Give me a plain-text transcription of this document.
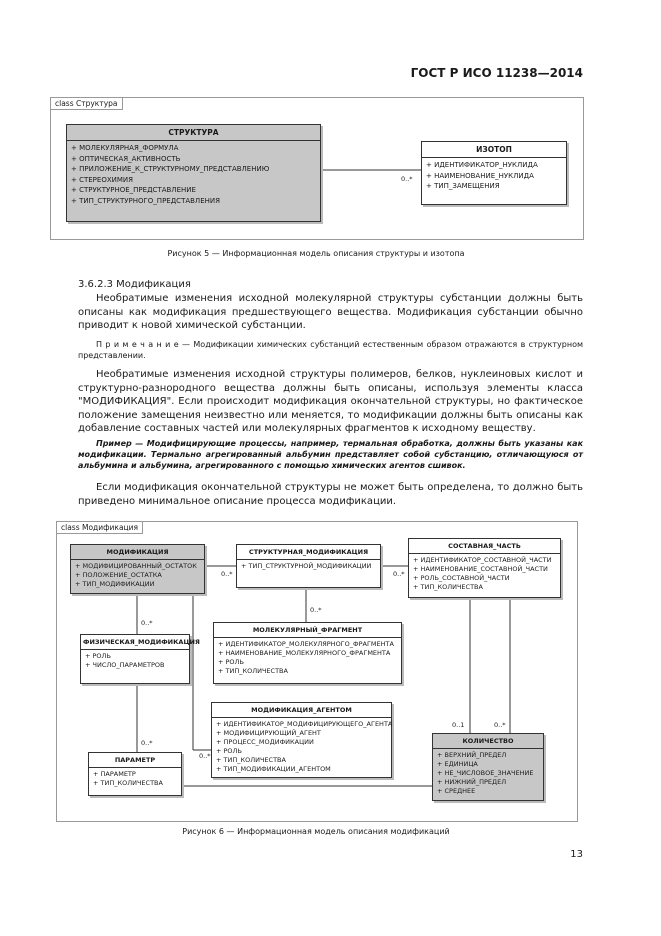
ГОСТ Р ИСО 11238—2014
class Структура
СТРУКТУРА
+ МОЛЕКУЛЯРНАЯ_ФОРМУЛА
+ ОПТИЧЕСКАЯ_АКТИВНОСТЬ
+ ПРИЛОЖЕНИЕ_К_СТРУКТУРНОМУ_ПРЕДСТАВЛЕНИЮ
+ СТЕРЕОХИМИЯ
+ СТРУКТУРНОЕ_ПРЕДСТАВЛЕНИЕ
+ ТИП_СТРУКТУРНОГО_ПРЕДСТАВЛЕНИЯ
ИЗОТОП
+ ИДЕНТИФИКАТОР_НУКЛИДА
+ НАИМЕНОВАНИЕ_НУКЛИДА
+ ТИП_ЗАМЕЩЕНИЯ
0..*
Рисунок 5 — Информационная модель описания структуры и изотопа
3.6.2.3 Модификация
Необратимые изменения исходной молекулярной структуры субстанции должны быть описаны как модификация предшествующего вещества. Модификация субстанции обычно приводит к новой химической субстанции.
П р и м е ч а н и е — Модификации химических субстанций естественным образом отражаются в структурном представлении.
Необратимые изменения исходной структуры полимеров, белков, нуклеиновых кислот и структурно-разнородного вещества должны быть описаны, используя элементы класса "МОДИФИКАЦИЯ". Если происходит модификация окончательной структуры, но фактическое положение замещения неизвестно или меняется, то модификации должны быть описаны как добавление составных частей или молекулярных фрагментов к исходному веществу.
Пример — Модифицирующие процессы, например, термальная обработка, должны быть указаны как модификации. Термально агрегированный альбумин представляет собой субстанцию, отличающуюся от альбумина и альбумина, агрегированного с помощью химических агентов сшивок.
Если модификация окончательной структуры не может быть определена, то должно быть приведено минимальное описание процесса модификации.
class Модификация
МОДИФИКАЦИЯ
+ МОДИФИЦИРОВАННЫЙ_ОСТАТОК
+ ПОЛОЖЕНИЕ_ОСТАТКА
+ ТИП_МОДИФИКАЦИИ
СТРУКТУРНАЯ_МОДИФИКАЦИЯ
+ ТИП_СТРУКТУРНОЙ_МОДИФИКАЦИИ
СОСТАВНАЯ_ЧАСТЬ
+ ИДЕНТИФИКАТОР_СОСТАВНОЙ_ЧАСТИ
+ НАИМЕНОВАНИЕ_СОСТАВНОЙ_ЧАСТИ
+ РОЛЬ_СОСТАВНОЙ_ЧАСТИ
+ ТИП_КОЛИЧЕСТВА
ФИЗИЧЕСКАЯ_МОДИФИКАЦИЯ
+ РОЛЬ
+ ЧИСЛО_ПАРАМЕТРОВ
МОЛЕКУЛЯРНЫЙ_ФРАГМЕНТ
+ ИДЕНТИФИКАТОР_МОЛЕКУЛЯРНОГО_ФРАГМЕНТА
+ НАИМЕНОВАНИЕ_МОЛЕКУЛЯРНОГО_ФРАГМЕНТА
+ РОЛЬ
+ ТИП_КОЛИЧЕСТВА
МОДИФИКАЦИЯ_АГЕНТОМ
+ ИДЕНТИФИКАТОР_МОДИФИЦИРУЮЩЕГО_АГЕНТА
+ МОДИФИЦИРУЮЩИЙ_АГЕНТ
+ ПРОЦЕСС_МОДИФИКАЦИИ
+ РОЛЬ
+ ТИП_КОЛИЧЕСТВА
+ ТИП_МОДИФИКАЦИИ_АГЕНТОМ
ПАРАМЕТР
+ ПАРАМЕТР
+ ТИП_КОЛИЧЕСТВА
КОЛИЧЕСТВО
+ ВЕРХНИЙ_ПРЕДЕЛ
+ ЕДИНИЦА
+ НЕ_ЧИСЛОВОЕ_ЗНАЧЕНИЕ
+ НИЖНИЙ_ПРЕДЕЛ
+ СРЕДНЕЕ
0..*	0..*
0..*
0..*
0..*
0..1	0..*
0..*
Рисунок 6 — Информационная модель описания модификаций
13
